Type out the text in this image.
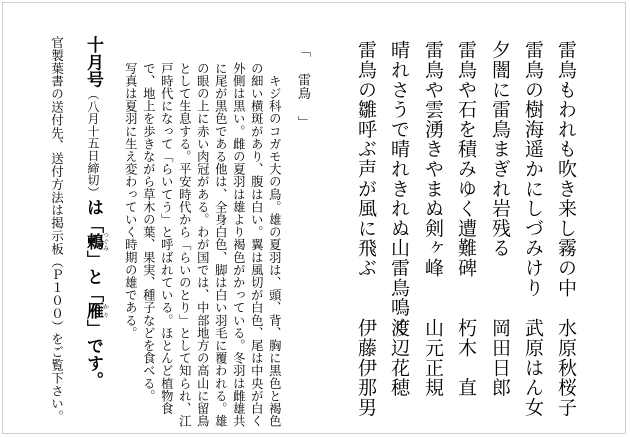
雷鳥もわれも吹き来し霧の中

雷鳥の樹海遥かにしづみけり

夕闇に雷鳥まぎれ岩残る

雷鳥や石を積みゆく遭難碑

雷鳥や雲湧きやまぬ剣ヶ峰

晴れさうで晴れきれぬ山雷鳥鳴く

雷鳥の雛呼ぶ声が風に飛ぶ

水原秋桜子

武原はん女

岡田日郎

朽木　直

山元正規

渡辺花穂

伊藤伊那男

「 雷鳥 」

　キジ科のコガモ大の鳥。雄の夏羽は、頭、背、胸に黒色と褐色

の細い横斑があり、腹は白い。翼は風切が白色、尾は中央が白く

外側は黒い。雌の夏羽は雄より褐色がかっている。冬羽は雌雄共

に尾が黒色である他は、全身白色、脚は白い羽毛に覆われる。雄

の眼の上に赤い肉冠がある。わが国では、中部地方の高山に留鳥

として生息する。平安時代から「らいのとり」として知られ、江

戸時代になって「らいてう」と呼ばれている。ほとんど植物食

で、地上を歩きながら草木の葉、果実、種子などを食べる。

写真は夏羽に生え変わっていく時期の雄である。

十月号（八月十五日締切）は「鶫つぐみ」と「雁かり」です。

官製葉書の送付先、送付方法は掲示板（Ｐ１００）をご覧下さい。
